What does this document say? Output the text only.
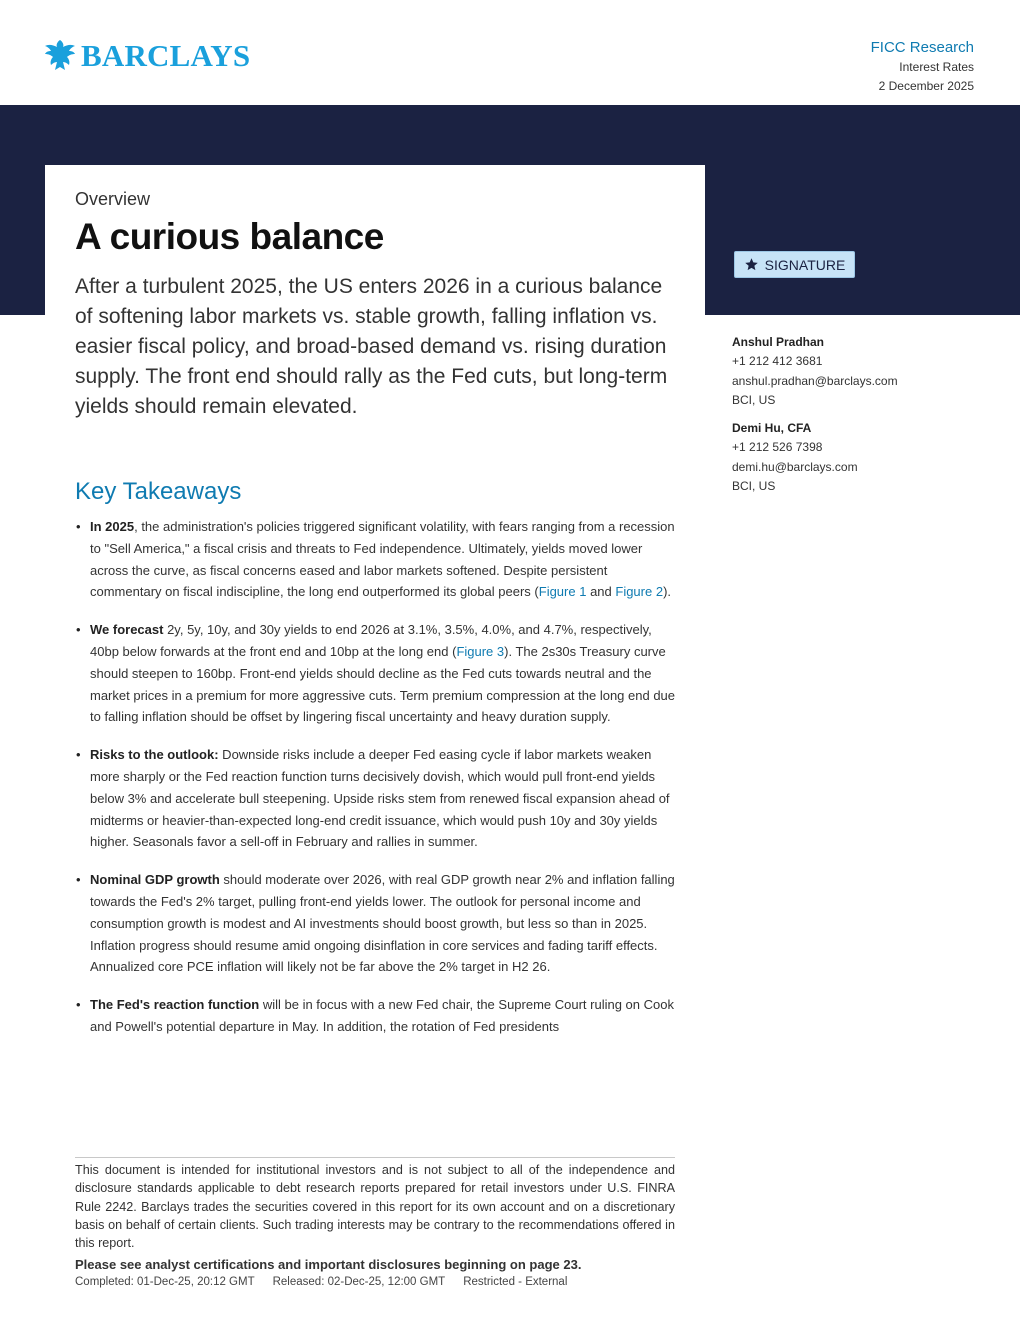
BARCLAYS	FICC Research
Interest Rates
2 December 2025
Overview
A curious balance

After a turbulent 2025, the US enters 2026 in a curious balance of softening labor markets vs. stable growth, falling inflation vs. easier fiscal policy, and broad-based demand vs. rising duration supply. The front end should rally as the Fed cuts, but long-term yields should remain elevated.

SIGNATURE
Anshul Pradhan
+1 212 412 3681
anshul.pradhan@barclays.com
BCI, US
Demi Hu, CFA
+1 212 526 7398
demi.hu@barclays.com
BCI, US
Key Takeaways
• In 2025, the administration's policies triggered significant volatility, with fears ranging from a recession to "Sell America," a fiscal crisis and threats to Fed independence. Ultimately, yields moved lower across the curve, as fiscal concerns eased and labor markets softened. Despite persistent commentary on fiscal indiscipline, the long end outperformed its global peers (Figure 1 and Figure 2).
• We forecast 2y, 5y, 10y, and 30y yields to end 2026 at 3.1%, 3.5%, 4.0%, and 4.7%, respectively, 40bp below forwards at the front end and 10bp at the long end (Figure 3). The 2s30s Treasury curve should steepen to 160bp. Front-end yields should decline as the Fed cuts towards neutral and the market prices in a premium for more aggressive cuts. Term premium compression at the long end due to falling inflation should be offset by lingering fiscal uncertainty and heavy duration supply.
• Risks to the outlook: Downside risks include a deeper Fed easing cycle if labor markets weaken more sharply or the Fed reaction function turns decisively dovish, which would pull front-end yields below 3% and accelerate bull steepening. Upside risks stem from renewed fiscal expansion ahead of midterms or heavier-than-expected long-end credit issuance, which would push 10y and 30y yields higher. Seasonals favor a sell-off in February and rallies in summer.
• Nominal GDP growth should moderate over 2026, with real GDP growth near 2% and inflation falling towards the Fed's 2% target, pulling front-end yields lower. The outlook for personal income and consumption growth is modest and AI investments should boost growth, but less so than in 2025. Inflation progress should resume amid ongoing disinflation in core services and fading tariff effects. Annualized core PCE inflation will likely not be far above the 2% target in H2 26.
• The Fed's reaction function will be in focus with a new Fed chair, the Supreme Court ruling on Cook and Powell's potential departure in May. In addition, the rotation of Fed presidents

This document is intended for institutional investors and is not subject to all of the independence and disclosure standards applicable to debt research reports prepared for retail investors under U.S. FINRA Rule 2242. Barclays trades the securities covered in this report for its own account and on a discretionary basis on behalf of certain clients. Such trading interests may be contrary to the recommendations offered in this report.

Please see analyst certifications and important disclosures beginning on page 23.
Completed: 01-Dec-25, 20:12 GMT Released: 02-Dec-25, 12:00 GMT Restricted - External
